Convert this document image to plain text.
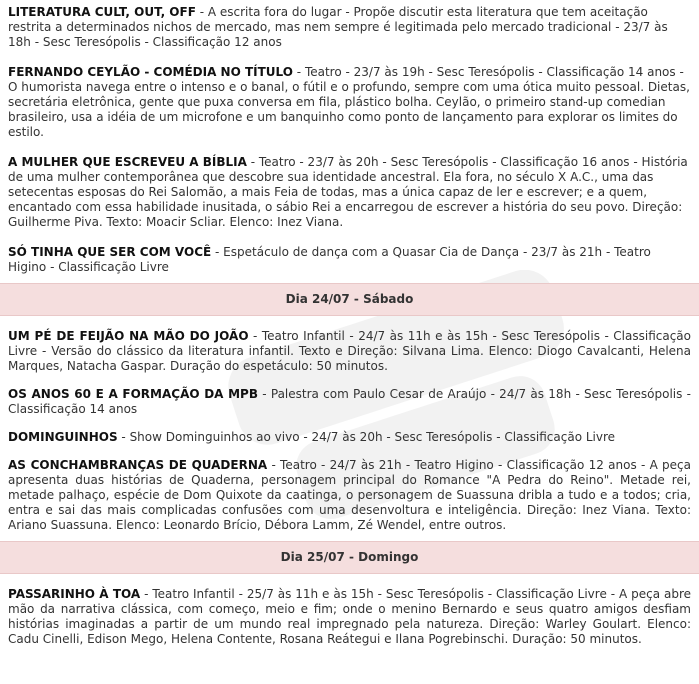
LITERATURA CULT, OUT, OFF - A escrita fora do lugar - Propõe discutir esta literatura que tem aceitação restrita a determinados nichos de mercado, mas nem sempre é legitimada pelo mercado tradicional - 23/7 às 18h - Sesc Teresópolis - Classificação 12 anos
FERNANDO CEYLÃO - COMÉDIA NO TÍTULO - Teatro - 23/7 às 19h - Sesc Teresópolis - Classificação 14 anos - O humorista navega entre o intenso e o banal, o fútil e o profundo, sempre com uma ótica muito pessoal. Dietas, secretária eletrônica, gente que puxa conversa em fila, plástico bolha. Ceylão, o primeiro stand-up comedian brasileiro, usa a idéia de um microfone e um banquinho como ponto de lançamento para explorar os limites do estilo.
A MULHER QUE ESCREVEU A BÍBLIA - Teatro - 23/7 às 20h - Sesc Teresópolis - Classificação 16 anos - História de uma mulher contemporânea que descobre sua identidade ancestral. Ela fora, no século X A.C., uma das setecentas esposas do Rei Salomão, a mais Feia de todas, mas a única capaz de ler e escrever; e a quem, encantado com essa habilidade inusitada, o sábio Rei a encarregou de escrever a história do seu povo. Direção: Guilherme Piva. Texto: Moacir Scliar. Elenco: Inez Viana.
SÓ TINHA QUE SER COM VOCÊ - Espetáculo de dança com a Quasar Cia de Dança - 23/7 às 21h - Teatro Higino - Classificação Livre
Dia 24/07 - Sábado
UM PÉ DE FEIJÃO NA MÃO DO JOÃO - Teatro Infantil - 24/7 às 11h e às 15h - Sesc Teresópolis - Classificação Livre - Versão do clássico da literatura infantil. Texto e Direção: Silvana Lima. Elenco: Diogo Cavalcanti, Helena Marques, Natacha Gaspar. Duração do espetáculo: 50 minutos.
OS ANOS 60 E A FORMAÇÃO DA MPB - Palestra com Paulo Cesar de Araújo - 24/7 às 18h - Sesc Teresópolis - Classificação 14 anos
DOMINGUINHOS - Show Dominguinhos ao vivo - 24/7 às 20h - Sesc Teresópolis - Classificação Livre
AS CONCHAMBRANÇAS DE QUADERNA - Teatro - 24/7 às 21h - Teatro Higino - Classificação 12 anos - A peça apresenta duas histórias de Quaderna, personagem principal do Romance "A Pedra do Reino". Metade rei, metade palhaço, espécie de Dom Quixote da caatinga, o personagem de Suassuna dribla a tudo e a todos; cria, entra e sai das mais complicadas confusões com uma desenvoltura e inteligência. Direção: Inez Viana. Texto: Ariano Suassuna. Elenco: Leonardo Brício, Débora Lamm, Zé Wendel, entre outros.
Dia 25/07 - Domingo
PASSARINHO À TOA - Teatro Infantil - 25/7 às 11h e às 15h - Sesc Teresópolis - Classificação Livre - A peça abre mão da narrativa clássica, com começo, meio e fim; onde o menino Bernardo e seus quatro amigos desfiam histórias imaginadas a partir de um mundo real impregnado pela natureza. Direção: Warley Goulart. Elenco: Cadu Cinelli, Edison Mego, Helena Contente, Rosana Reátegui e Ilana Pogrebinschi. Duração: 50 minutos.
